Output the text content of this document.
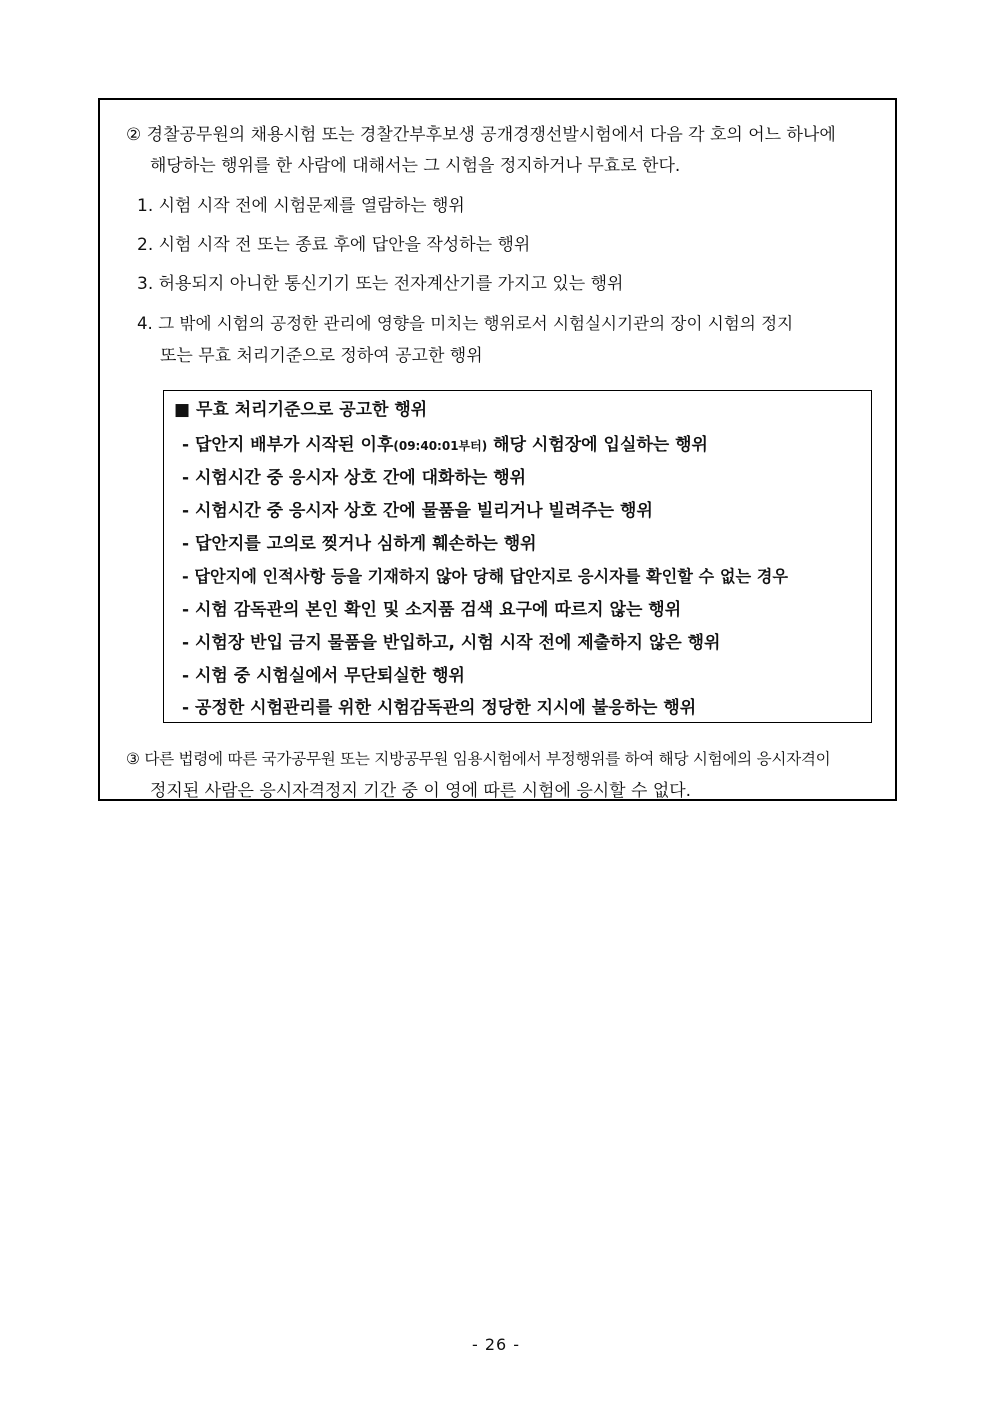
② 경찰공무원의 채용시험 또는 경찰간부후보생 공개경쟁선발시험에서 다음 각 호의 어느 하나에
해당하는 행위를 한 사람에 대해서는 그 시험을 정지하거나 무효로 한다.
1. 시험 시작 전에 시험문제를 열람하는 행위
2. 시험 시작 전 또는 종료 후에 답안을 작성하는 행위
3. 허용되지 아니한 통신기기 또는 전자계산기를 가지고 있는 행위
4. 그 밖에 시험의 공정한 관리에 영향을 미치는 행위로서 시험실시기관의 장이 시험의 정지
또는 무효 처리기준으로 정하여 공고한 행위
■ 무효 처리기준으로 공고한 행위
- 답안지 배부가 시작된 이후(09:40:01부터) 해당 시험장에 입실하는 행위
- 시험시간 중 응시자 상호 간에 대화하는 행위
- 시험시간 중 응시자 상호 간에 물품을 빌리거나 빌려주는 행위
- 답안지를 고의로 찢거나 심하게 훼손하는 행위
- 답안지에 인적사항 등을 기재하지 않아 당해 답안지로 응시자를 확인할 수 없는 경우
- 시험 감독관의 본인 확인 및 소지품 검색 요구에 따르지 않는 행위
- 시험장 반입 금지 물품을 반입하고, 시험 시작 전에 제출하지 않은 행위
- 시험 중 시험실에서 무단퇴실한 행위
- 공정한 시험관리를 위한 시험감독관의 정당한 지시에 불응하는 행위
③ 다른 법령에 따른 국가공무원 또는 지방공무원 임용시험에서 부정행위를 하여 해당 시험에의 응시자격이
정지된 사람은 응시자격정지 기간 중 이 영에 따른 시험에 응시할 수 없다.
- 26 -
